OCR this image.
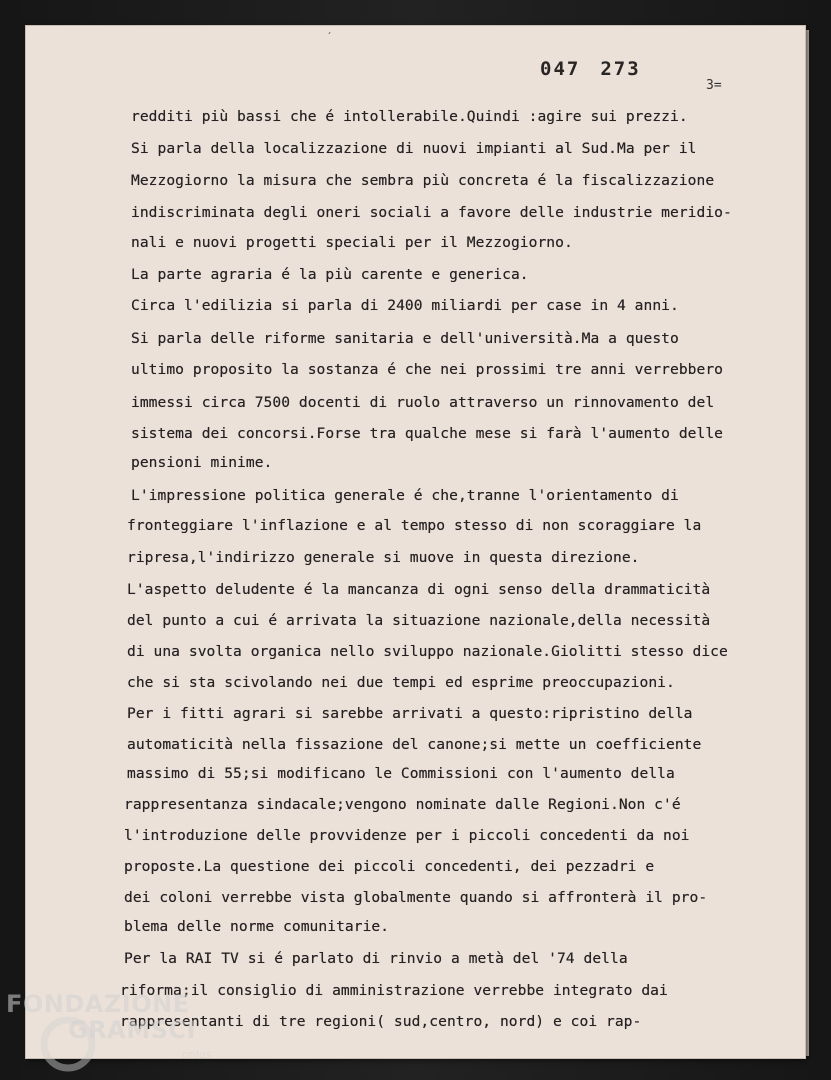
ˊ
047 273
3=
redditi più bassi che é intollerabile.Quindi :agire sui prezzi.
Si parla della localizzazione di nuovi impianti al Sud.Ma per il
Mezzogiorno la misura che sembra più concreta é la fiscalizzazione
indiscriminata degli oneri sociali a favore delle industrie meridio-
nali e nuovi progetti speciali per il Mezzogiorno.
La parte agraria é la più carente e generica.
Circa l'edilizia si parla di 2400 miliardi per case in 4 anni.
Si parla delle riforme sanitaria e dell'università.Ma a questo
ultimo proposito la sostanza é che nei prossimi tre anni verrebbero
immessi circa 7500 docenti di ruolo attraverso un rinnovamento del
sistema dei concorsi.Forse tra qualche mese si farà l'aumento delle
pensioni minime.
L'impressione politica generale é che,tranne l'orientamento di
fronteggiare l'inflazione e al tempo stesso di non scoraggiare la
ripresa,l'indirizzo generale si muove in questa direzione.
L'aspetto deludente é la mancanza di ogni senso della drammaticità
del punto a cui é arrivata la situazione nazionale,della necessità
di una svolta organica nello sviluppo nazionale.Giolitti stesso dice
che si sta scivolando nei due tempi ed esprime preoccupazioni.
Per i fitti agrari si sarebbe arrivati a questo:ripristino della
automaticità nella fissazione del canone;si mette un coefficiente
massimo di 55;si modificano le Commissioni con l'aumento della
rappresentanza sindacale;vengono nominate dalle Regioni.Non c'é
l'introduzione delle provvidenze per i piccoli concedenti da noi
proposte.La questione dei piccoli concedenti, dei pezzadri e
dei coloni verrebbe vista globalmente quando si affronterà il pro-
blema delle norme comunitarie.
Per la RAI TV si é parlato di rinvio a metà del '74 della
riforma;il consiglio di amministrazione verrebbe integrato dai
rappresentanti di tre regioni( sud,centro, nord) e coi rap-
FONDAZIONE
GRAMSCI
onlus
